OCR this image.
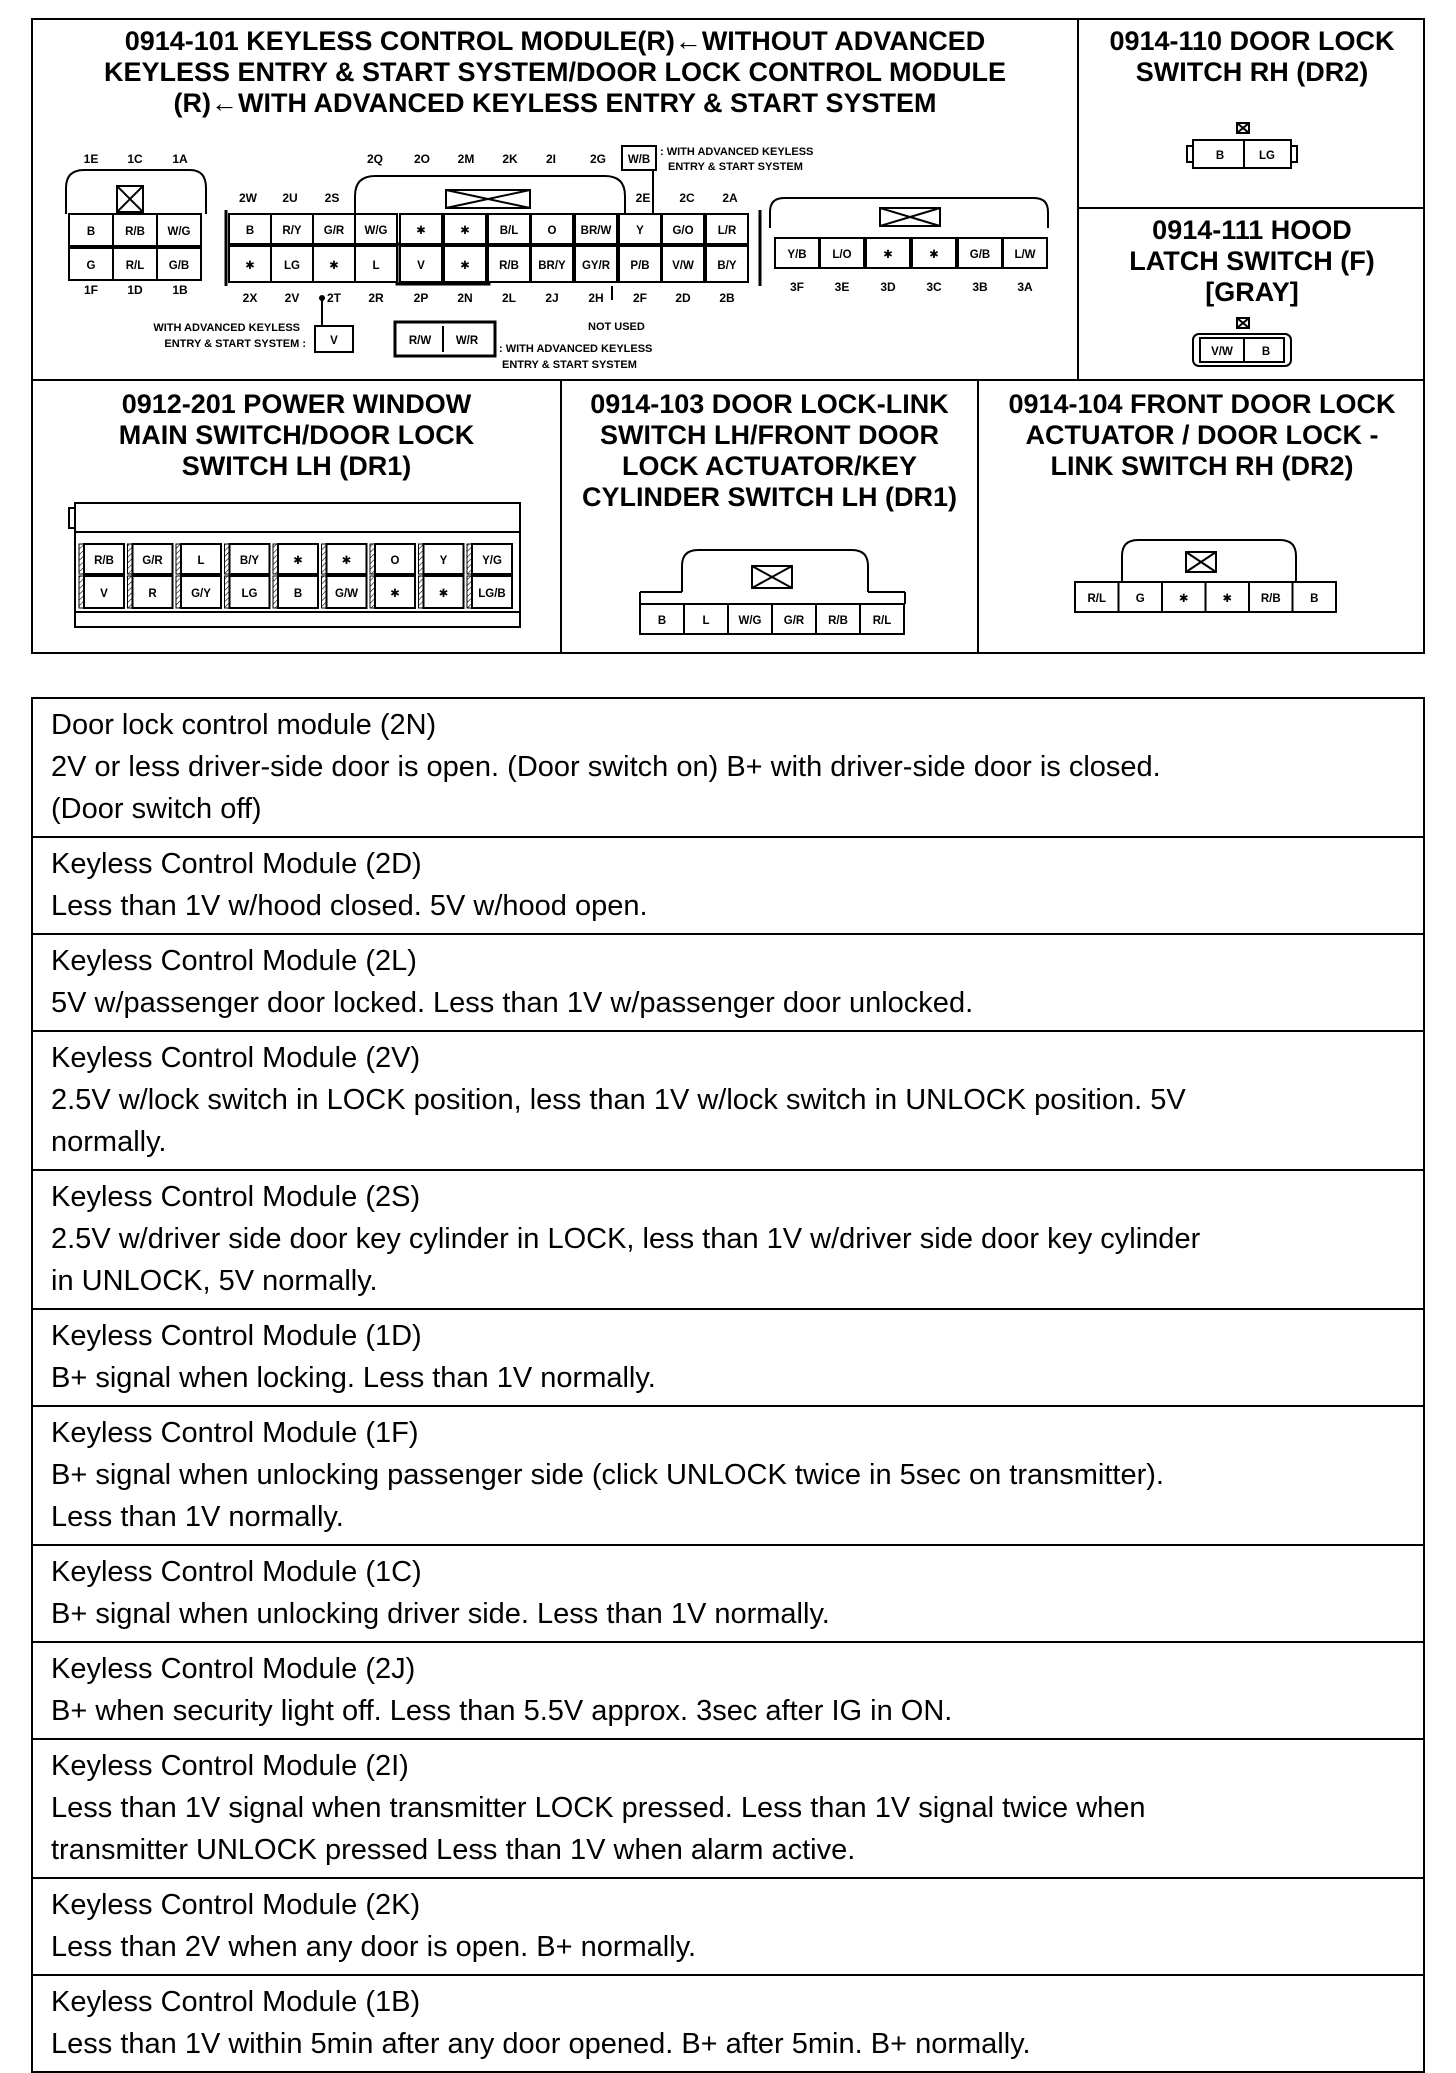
0914-101 KEYLESS CONTROL MODULE(R)←WITHOUT ADVANCED
KEYLESS ENTRY & START SYSTEM/DOOR LOCK CONTROL MODULE
(R)←WITH ADVANCED KEYLESS ENTRY & START SYSTEM
0914-110 DOOR LOCK
SWITCH RH (DR2)
0914-111 HOOD
LATCH SWITCH (F)
[GRAY]
0912-201 POWER WINDOW
MAIN SWITCH/DOOR LOCK
SWITCH LH (DR1)
0914-103 DOOR LOCK-LINK
SWITCH LH/FRONT DOOR
LOCK ACTUATOR/KEY
CYLINDER SWITCH LH (DR1)
0914-104 FRONT DOOR LOCK
ACTUATOR / DOOR LOCK -
LINK SWITCH RH (DR2)
B	R/B W/G
G	R/L G/B
B R/Y G/R W/G ✱	✱	B/L	O BR/W Y G/O L/R
✱	LG	✱	L	V	✱	R/B BR/Y GY/R P/B V/W B/Y
Y/B L/O	✱	✱	G/B L/W
1E 1C 1A
1F 1D 1B
2W 2U 2S
2Q	2O 2M 2K 2I	2G
2E 2C 2A
2X 2V 2T 2R 2P 2N 2L 2J 2H 2F 2D 2B
3F	3E	3D	3C	3B 3A
W/B
V	R/W W/R
: WITH ADVANCED KEYLESS
ENTRY & START SYSTEM
WITH ADVANCED KEYLESS
ENTRY & START SYSTEM :	: WITH ADVANCED KEYLESS
ENTRY & START SYSTEM
NOT USED
B	LG
V/W	B
R/B G/R	L	B/Y	✱	✱	O	Y	Y/G
V	R	G/Y	LG	B	G/W	✱	✱	LG/B
B	L	W/G G/R R/B R/L
R/L	G	✱	✱	R/B	B
Door lock control module (2N)
2V or less driver-side door is open. (Door switch on) B+ with driver-side door is closed.
(Door switch off)
Keyless Control Module (2D)
Less than 1V w/hood closed. 5V w/hood open.
Keyless Control Module (2L)
5V w/passenger door locked. Less than 1V w/passenger door unlocked.
Keyless Control Module (2V)
2.5V w/lock switch in LOCK position, less than 1V w/lock switch in UNLOCK position. 5V
normally.
Keyless Control Module (2S)
2.5V w/driver side door key cylinder in LOCK, less than 1V w/driver side door key cylinder
in UNLOCK, 5V normally.
Keyless Control Module (1D)
B+ signal when locking. Less than 1V normally.
Keyless Control Module (1F)
B+ signal when unlocking passenger side (click UNLOCK twice in 5sec on transmitter).
Less than 1V normally.
Keyless Control Module (1C)
B+ signal when unlocking driver side. Less than 1V normally.
Keyless Control Module (2J)
B+ when security light off. Less than 5.5V approx. 3sec after IG in ON.
Keyless Control Module (2I)
Less than 1V signal when transmitter LOCK pressed. Less than 1V signal twice when
transmitter UNLOCK pressed Less than 1V when alarm active.
Keyless Control Module (2K)
Less than 2V when any door is open. B+ normally.
Keyless Control Module (1B)
Less than 1V within 5min after any door opened. B+ after 5min. B+ normally.
